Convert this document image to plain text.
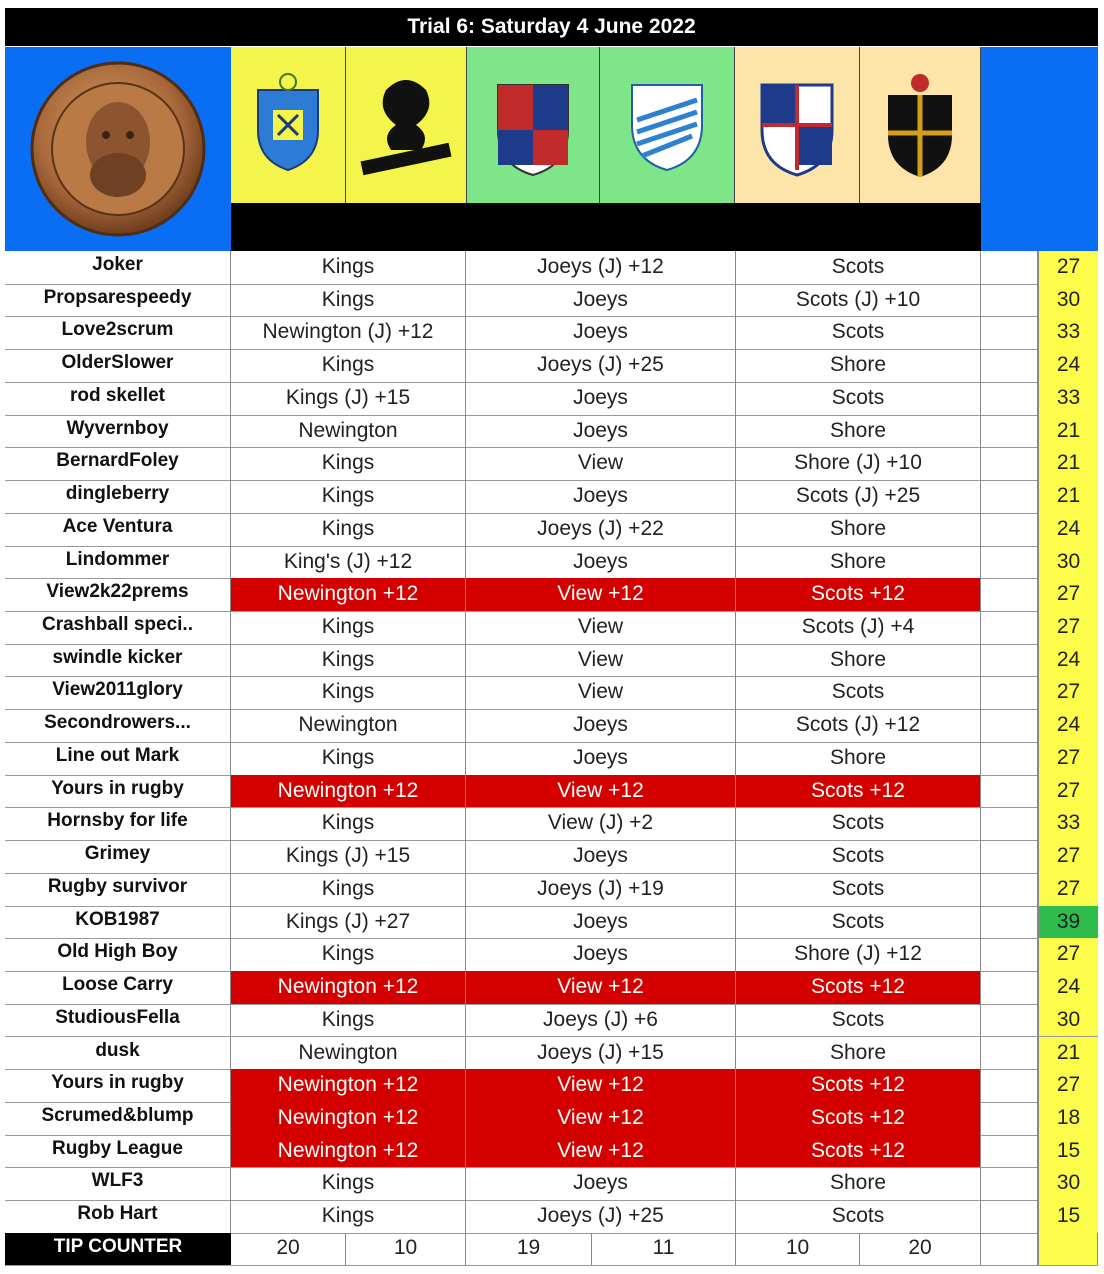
Trial 6: Saturday 4 June 2022
Joker	Kings	Joeys (J) +12	Scots	27
Propsarespeedy	Kings	Joeys	Scots (J) +10	30
Love2scrum	Newington (J) +12	Joeys	Scots	33
OlderSlower	Kings	Joeys (J) +25	Shore	24
rod skellet	Kings (J) +15	Joeys	Scots	33
Wyvernboy	Newington	Joeys	Shore	21
BernardFoley	Kings	View	Shore (J) +10	21
dingleberry	Kings	Joeys	Scots (J) +25	21
Ace Ventura	Kings	Joeys (J) +22	Shore	24
Lindommer	King's (J) +12	Joeys	Shore	30
View2k22prems	Newington +12	View +12	Scots +12	27
Crashball speci..	Kings	View	Scots (J) +4	27
swindle kicker	Kings	View	Shore	24
View2011glory	Kings	View	Scots	27
Secondrowers...	Newington	Joeys	Scots (J) +12	24
Line out Mark	Kings	Joeys	Shore	27
Yours in rugby	Newington +12	View +12	Scots +12	27
Hornsby for life	Kings	View (J) +2	Scots	33
Grimey	Kings (J) +15	Joeys	Scots	27
Rugby survivor	Kings	Joeys (J) +19	Scots	27
KOB1987	Kings (J) +27	Joeys	Scots	39
Old High Boy	Kings	Joeys	Shore (J) +12	27
Loose Carry	Newington +12	View +12	Scots +12	24
StudiousFella	Kings	Joeys (J) +6	Scots	30
dusk	Newington	Joeys (J) +15	Shore	21
Yours in rugby	Newington +12	View +12	Scots +12	27
Scrumed&blump	Newington +12	View +12	Scots +12	18
Rugby League	Newington +12	View +12	Scots +12	15
WLF3	Kings	Joeys	Shore	30
Rob Hart	Kings	Joeys (J) +25	Scots	15
TIP COUNTER	20	10	19	11	10	20
